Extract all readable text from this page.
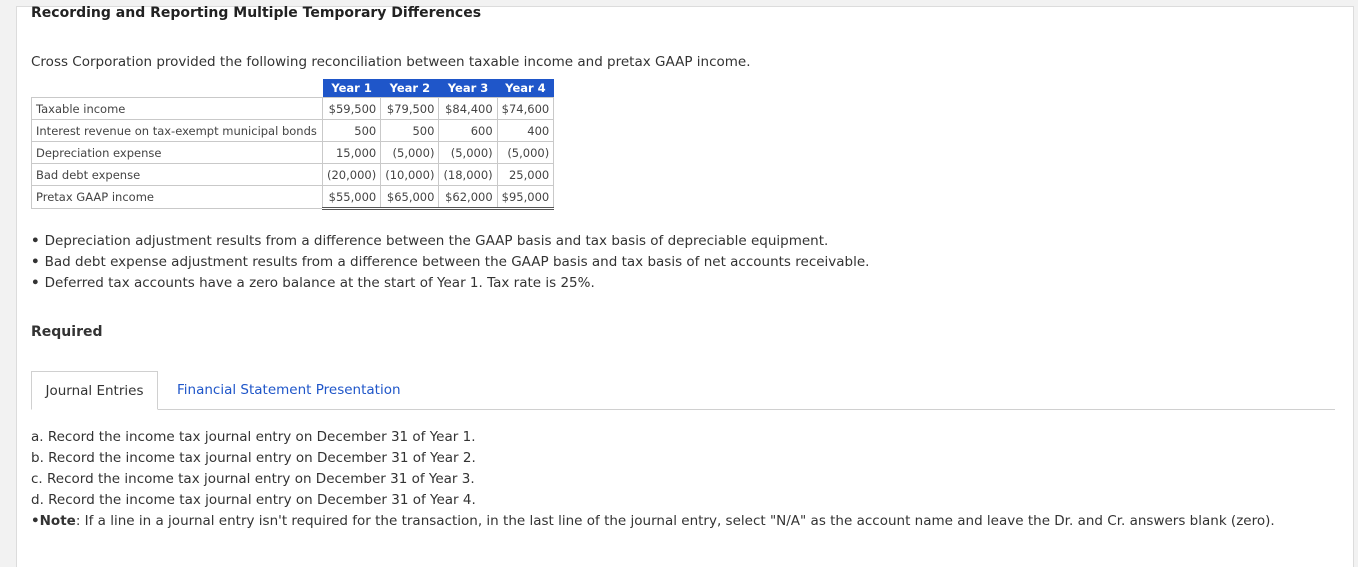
Recording and Reporting Multiple Temporary Differences
Cross Corporation provided the following reconciliation between taxable income and pretax GAAP income.
	Year 1	Year 2	Year 3	Year 4
Taxable income	$59,500	$79,500	$84,400	$74,600
Interest revenue on tax-exempt municipal bonds	500	500	600	400
Depreciation expense	15,000	(5,000)	(5,000)	(5,000)
Bad debt expense	(20,000)	(10,000)	(18,000)	25,000
Pretax GAAP income	$55,000	$65,000	$62,000	$95,000
• Depreciation adjustment results from a difference between the GAAP basis and tax basis of depreciable equipment.
• Bad debt expense adjustment results from a difference between the GAAP basis and tax basis of net accounts receivable.
• Deferred tax accounts have a zero balance at the start of Year 1. Tax rate is 25%.
Required
Journal Entries	Financial Statement Presentation
a. Record the income tax journal entry on December 31 of Year 1.
b. Record the income tax journal entry on December 31 of Year 2.
c. Record the income tax journal entry on December 31 of Year 3.
d. Record the income tax journal entry on December 31 of Year 4.
•Note: If a line in a journal entry isn't required for the transaction, in the last line of the journal entry, select "N/A" as the account name and leave the Dr. and Cr. answers blank (zero).
